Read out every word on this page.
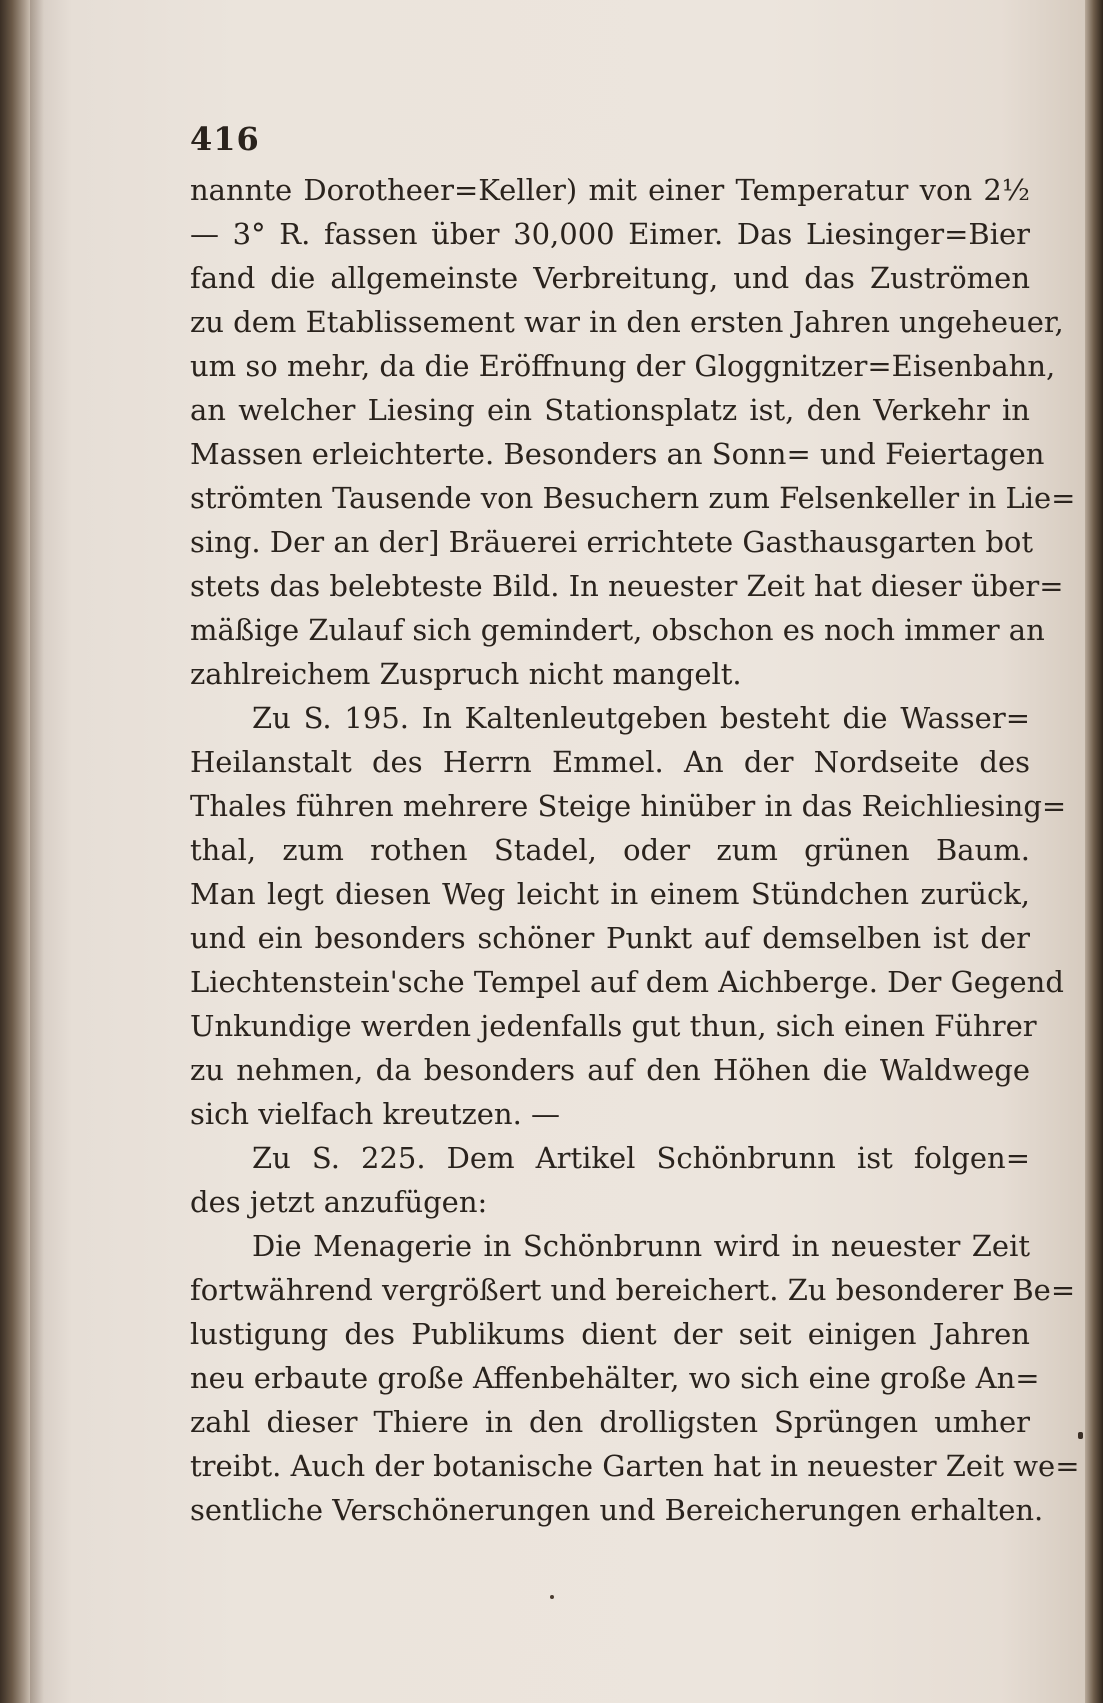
416
nannte Dorotheer=Keller) mit einer Temperatur von 2½
— 3° R. fassen über 30,000 Eimer. Das Liesinger=Bier
fand die allgemeinste Verbreitung, und das Zuströmen
zu dem Etablissement war in den ersten Jahren ungeheuer,
um so mehr, da die Eröffnung der Gloggnitzer=Eisenbahn,
an welcher Liesing ein Stationsplatz ist, den Verkehr in
Massen erleichterte. Besonders an Sonn= und Feiertagen
strömten Tausende von Besuchern zum Felsenkeller in Lie=
sing. Der an der] Bräuerei errichtete Gasthausgarten bot
stets das belebteste Bild. In neuester Zeit hat dieser über=
mäßige Zulauf sich gemindert, obschon es noch immer an
zahlreichem Zuspruch nicht mangelt.
Zu S. 195. In Kaltenleutgeben besteht die Wasser=
Heilanstalt des Herrn Emmel. An der Nordseite des
Thales führen mehrere Steige hinüber in das Reichliesing=
thal, zum rothen Stadel, oder zum grünen Baum.
Man legt diesen Weg leicht in einem Stündchen zurück,
und ein besonders schöner Punkt auf demselben ist der
Liechtenstein'sche Tempel auf dem Aichberge. Der Gegend
Unkundige werden jedenfalls gut thun, sich einen Führer
zu nehmen, da besonders auf den Höhen die Waldwege
sich vielfach kreutzen. —
Zu S. 225. Dem Artikel Schönbrunn ist folgen=
des jetzt anzufügen:
Die Menagerie in Schönbrunn wird in neuester Zeit
fortwährend vergrößert und bereichert. Zu besonderer Be=
lustigung des Publikums dient der seit einigen Jahren
neu erbaute große Affenbehälter, wo sich eine große An=
zahl dieser Thiere in den drolligsten Sprüngen umher
treibt. Auch der botanische Garten hat in neuester Zeit we=
sentliche Verschönerungen und Bereicherungen erhalten.
